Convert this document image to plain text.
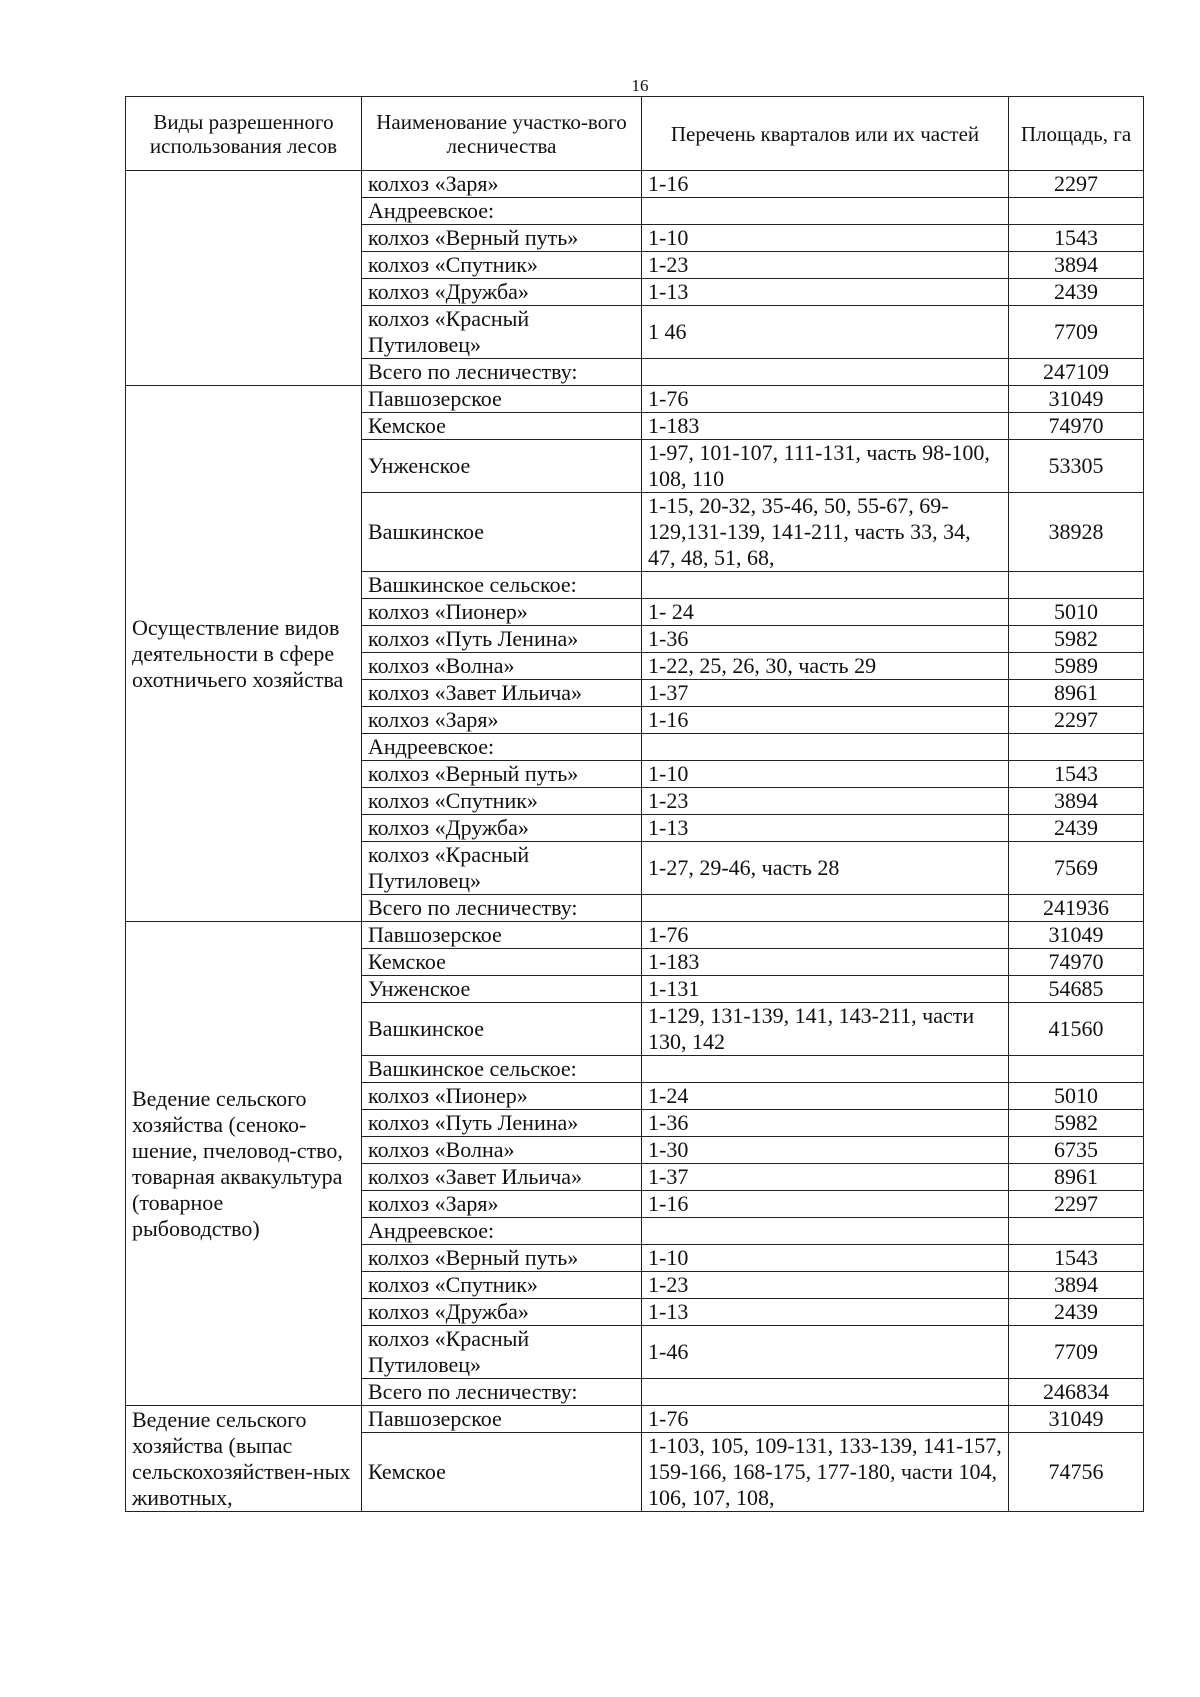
16
Виды разрешенного использования лесов	Наименование участко-вого лесничества	Перечень кварталов или их частей	Площадь, га
	колхоз «Заря»	1-16	2297
	Андреевское:		
	колхоз «Верный путь»	1-10	1543
	колхоз «Спутник»	1-23	3894
	колхоз «Дружба»	1-13	2439
	колхоз «Красный Путиловец»	1 46	7709
	Всего по лесничеству:		247109
Осуществление видов деятельности в сфере охотничьего хозяйства	Павшозерское	1-76	31049
	Кемское	1-183	74970
	Унженское	1-97, 101-107, 111-131, часть 98-100, 108, 110	53305
	Вашкинское	1-15, 20-32, 35-46, 50, 55-67, 69-129,131-139, 141-211, часть 33, 34, 47, 48, 51, 68,	38928
	Вашкинское сельское:		
	колхоз «Пионер»	1- 24	5010
	колхоз «Путь Ленина»	1-36	5982
	колхоз «Волна»	1-22, 25, 26, 30, часть 29	5989
	колхоз «Завет Ильича»	1-37	8961
	колхоз «Заря»	1-16	2297
	Андреевское:		
	колхоз «Верный путь»	1-10	1543
	колхоз «Спутник»	1-23	3894
	колхоз «Дружба»	1-13	2439
	колхоз «Красный Путиловец»	1-27, 29-46, часть 28	7569
	Всего по лесничеству:		241936
Ведение сельского хозяйства (сеноко-шение, пчеловод-ство, товарная аквакультура (товарное рыбоводство)	Павшозерское	1-76	31049
	Кемское	1-183	74970
	Унженское	1-131	54685
	Вашкинское	1-129, 131-139, 141, 143-211, части 130, 142	41560
	Вашкинское сельское:		
	колхоз «Пионер»	1-24	5010
	колхоз «Путь Ленина»	1-36	5982
	колхоз «Волна»	1-30	6735
	колхоз «Завет Ильича»	1-37	8961
	колхоз «Заря»	1-16	2297
	Андреевское:		
	колхоз «Верный путь»	1-10	1543
	колхоз «Спутник»	1-23	3894
	колхоз «Дружба»	1-13	2439
	колхоз «Красный Путиловец»	1-46	7709
	Всего по лесничеству:		246834
Ведение сельского хозяйства (выпас сельскохозяйствен-ных животных,	Павшозерское	1-76	31049
	Кемское	1-103, 105, 109-131, 133-139, 141-157, 159-166, 168-175, 177-180, части 104, 106, 107, 108,	74756
